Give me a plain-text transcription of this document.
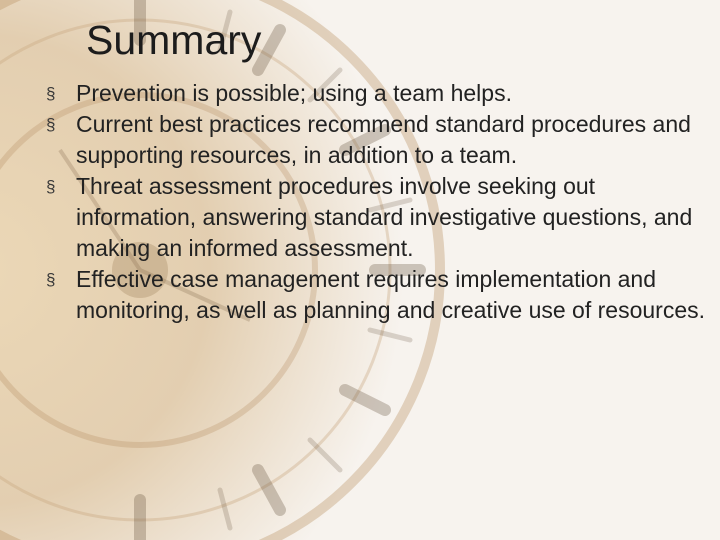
Summary
§ Prevention is possible; using a team helps.
§ Current best practices recommend standard procedures and supporting resources, in addition to a team.
§ Threat assessment procedures involve seeking out information, answering standard investigative questions, and making an informed assessment.
§ Effective case management requires implementation and monitoring, as well as planning and creative use of resources.
